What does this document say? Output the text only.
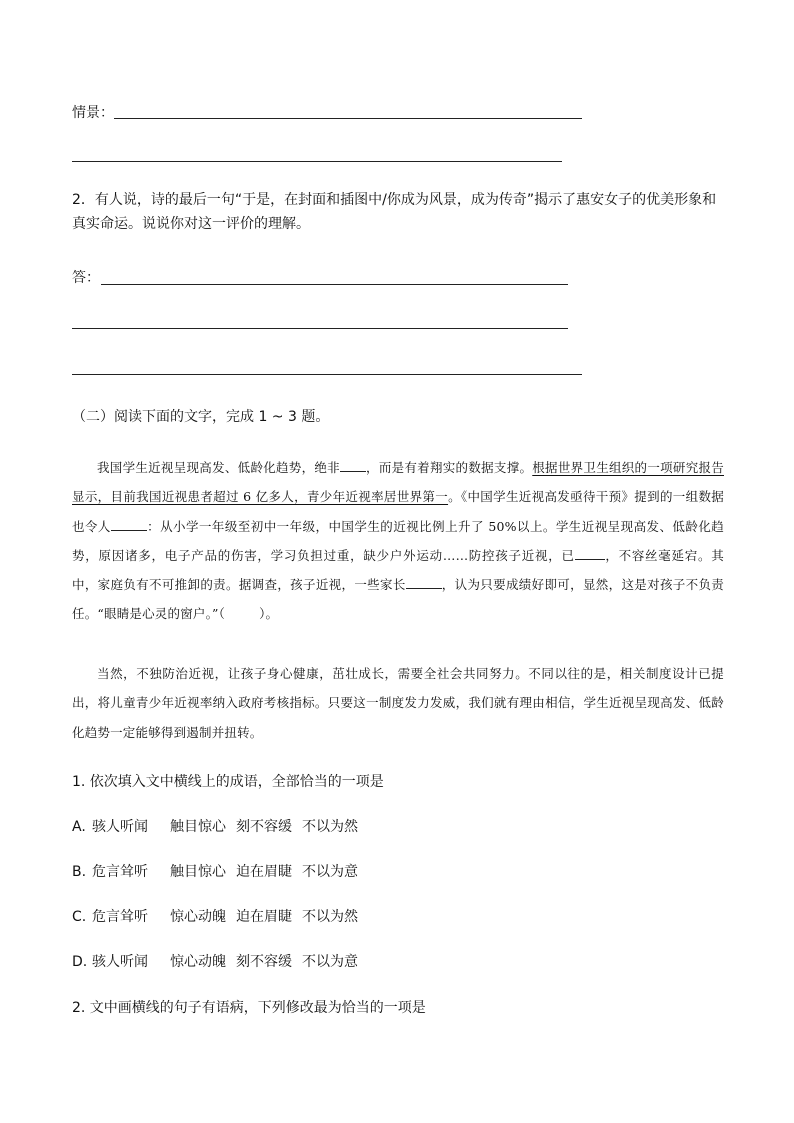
情景：
2．有人说，诗的最后一句“于是，在封面和插图中/你成为风景，成为传奇”揭示了惠安女子的优美形象和真实命运。说说你对这一评价的理解。
答：
（二）阅读下面的文字，完成 1 ~ 3 题。
我国学生近视呈现高发、低龄化趋势，绝非 ，而是有着翔实的数据支撑。根据世界卫生组织的一项研究报告显示，目前我国近视患者超过 6 亿多人，青少年近视率居世界第一。《中国学生近视高发亟待干预》提到的一组数据也令人	：从小学一年级至初中一年级，中国学生的近视比例上升了 50%以上。学生近视呈现高发、低龄化趋势，原因诸多，电子产品的伤害，学习负担过重，缺少户外运动……防控孩子近视，已 ，不容丝毫延宕。其中，家庭负有不可推卸的责。据调查，孩子近视，一些家长	，认为只要成绩好即可，显然，这是对孩子不负责任。“眼睛是心灵的窗户。”（	）。
当然，不独防治近视，让孩子身心健康，茁壮成长，需要全社会共同努力。不同以往的是，相关制度设计已提出，将儿童青少年近视率纳入政府考核指标。只要这一制度发力发威，我们就有理由相信，学生近视呈现高发、低龄化趋势一定能够得到遏制并扭转。
1. 依次填入文中横线上的成语，全部恰当的一项是
A. 骇人听闻 触目惊心 刻不容缓 不以为然
B. 危言耸听 触目惊心 迫在眉睫 不以为意
C. 危言耸听 惊心动魄 迫在眉睫 不以为然
D. 骇人听闻 惊心动魄 刻不容缓 不以为意
2. 文中画横线的句子有语病，下列修改最为恰当的一项是
